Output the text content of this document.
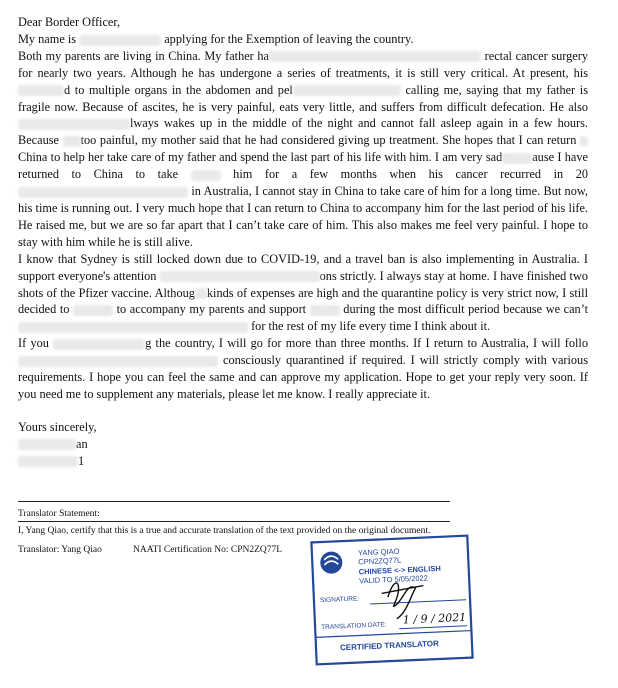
Dear Border Officer,

My name is	applying for the Exemption of leaving the country.

Both my parents are living in China. My father ha	rectal cancer surgery for nearly two years. Although he has undergone a series of treatments, it is still very critical. At present, his d to multiple organs in the abdomen and pel	calling me, saying that my father is fragile now. Because of ascites, he is very painful, eats very little, and suffers from difficult defecation. He also lways wakes up in the middle of the night and cannot fall asleep again in a few hours. Because too painful, my mother said that he had considered giving up treatment. She hopes that I can return China to help her take care of my father and spend the last part of his life with him. I am very sad ause I have returned to China to take  him for a few months when his cancer recurred in 20 in Australia, I cannot stay in China to take care of him for a long time. But now, his time is running out. I very much hope that I can return to China to accompany him for the last period of his life. He raised me, but we are so far apart that I can’t take care of him. This also makes me feel very painful. I hope to stay with him while he is still alive.

I know that Sydney is still locked down due to COVID-19, and a travel ban is also implementing in Australia. I support everyone's attention	ons strictly. I always stay at home. I have finished two shots of the Pfizer vaccine. Althoug kinds of expenses are high and the quarantine policy is very strict now, I still decided to	to accompany my parents and support  during the most difficult period because we can’t  for the rest of my life every time I think about it.

If you	g the country, I will go for more than three months. If I return to Australia, I will follo consciously quarantined if required. I will strictly comply with various requirements. I hope you can feel the same and can approve my application. Hope to get your reply very soon. If you need me to supplement any materials, please let me know. I really appreciate it.

Yours sincerely,

an

1

Translator Statement:
I, Yang Qiao, certify that this is a true and accurate translation of the text provided on the original document.
Translator: Yang Qiao	NAATI Certification No: CPN2ZQ77L	YANG QIAO
CPN2ZQ77L
CHINESE <-> ENGLISH
VALID TO 5/05/2022
SIGNATURE:
TRANSLATION DATE: 1 / 9 / 2021
CERTIFIED TRANSLATOR
